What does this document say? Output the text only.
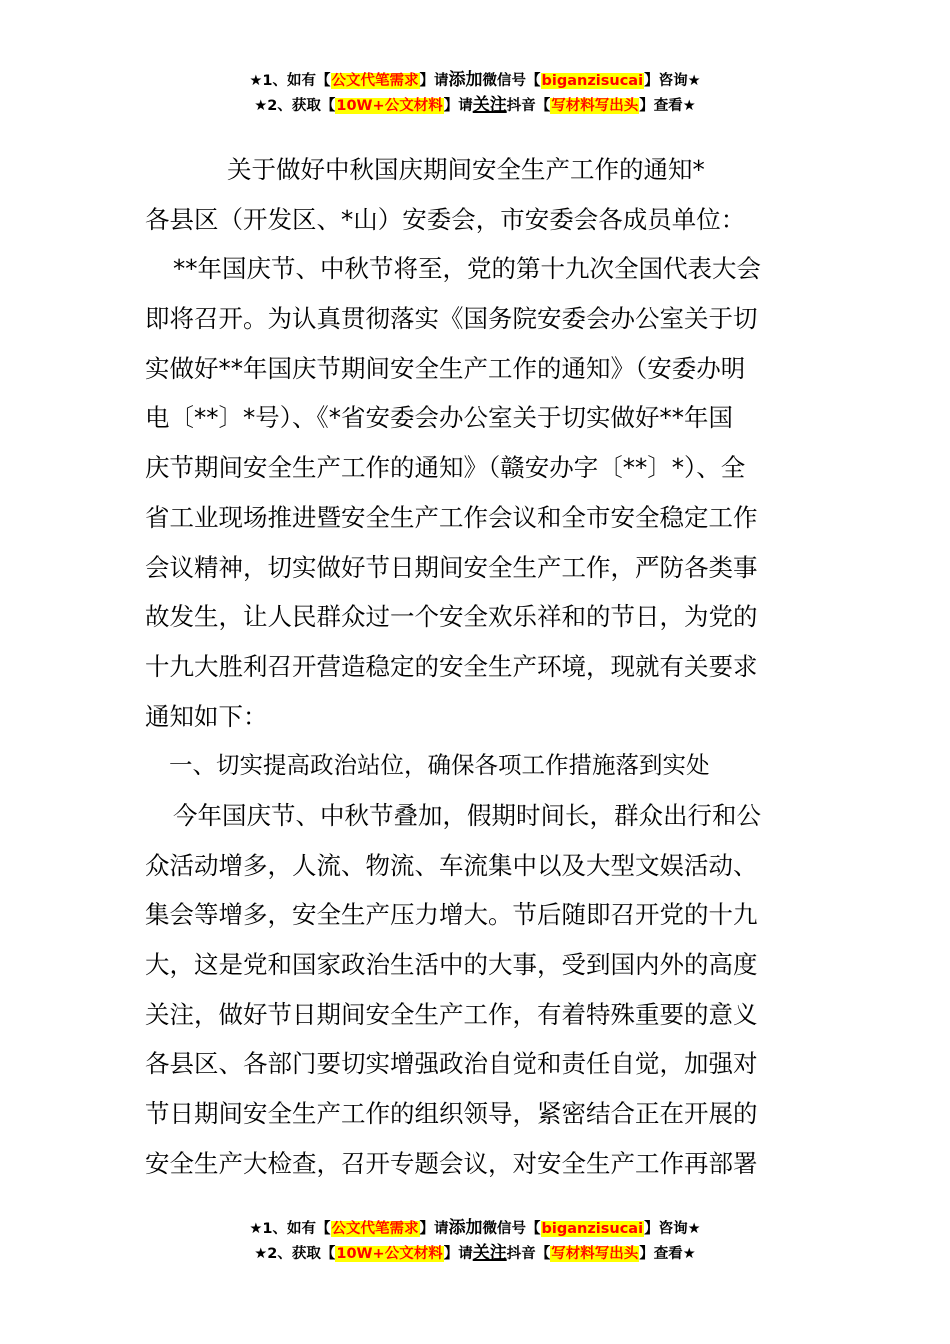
★1、如有【公文代笔需求】请添加微信号【biganzisucai】咨询★
★2、获取【10W+公文材料】请关注抖音【写材料写出头】查看★
关于做好中秋国庆期间安全生产工作的通知*
各县区（开发区、*山）安委会，市安委会各成员单位：
**年国庆节、中秋节将至，党的第十九次全国代表大会
即将召开。为认真贯彻落实《国务院安委会办公室关于切
实做好**年国庆节期间安全生产工作的通知》（安委办明
电〔**〕*号）、《*省安委会办公室关于切实做好**年国
庆节期间安全生产工作的通知》（赣安办字〔**〕*）、全
省工业现场推进暨安全生产工作会议和全市安全稳定工作
会议精神，切实做好节日期间安全生产工作，严防各类事
故发生，让人民群众过一个安全欢乐祥和的节日，为党的
十九大胜利召开营造稳定的安全生产环境，现就有关要求
通知如下：
一、切实提高政治站位，确保各项工作措施落到实处
今年国庆节、中秋节叠加，假期时间长，群众出行和公
众活动增多，人流、物流、车流集中以及大型文娱活动、
集会等增多，安全生产压力增大。节后随即召开党的十九
大，这是党和国家政治生活中的大事，受到国内外的高度
关注，做好节日期间安全生产工作，有着特殊重要的意义
各县区、各部门要切实增强政治自觉和责任自觉，加强对
节日期间安全生产工作的组织领导，紧密结合正在开展的
安全生产大检查，召开专题会议，对安全生产工作再部署
★1、如有【公文代笔需求】请添加微信号【biganzisucai】咨询★
★2、获取【10W+公文材料】请关注抖音【写材料写出头】查看★
